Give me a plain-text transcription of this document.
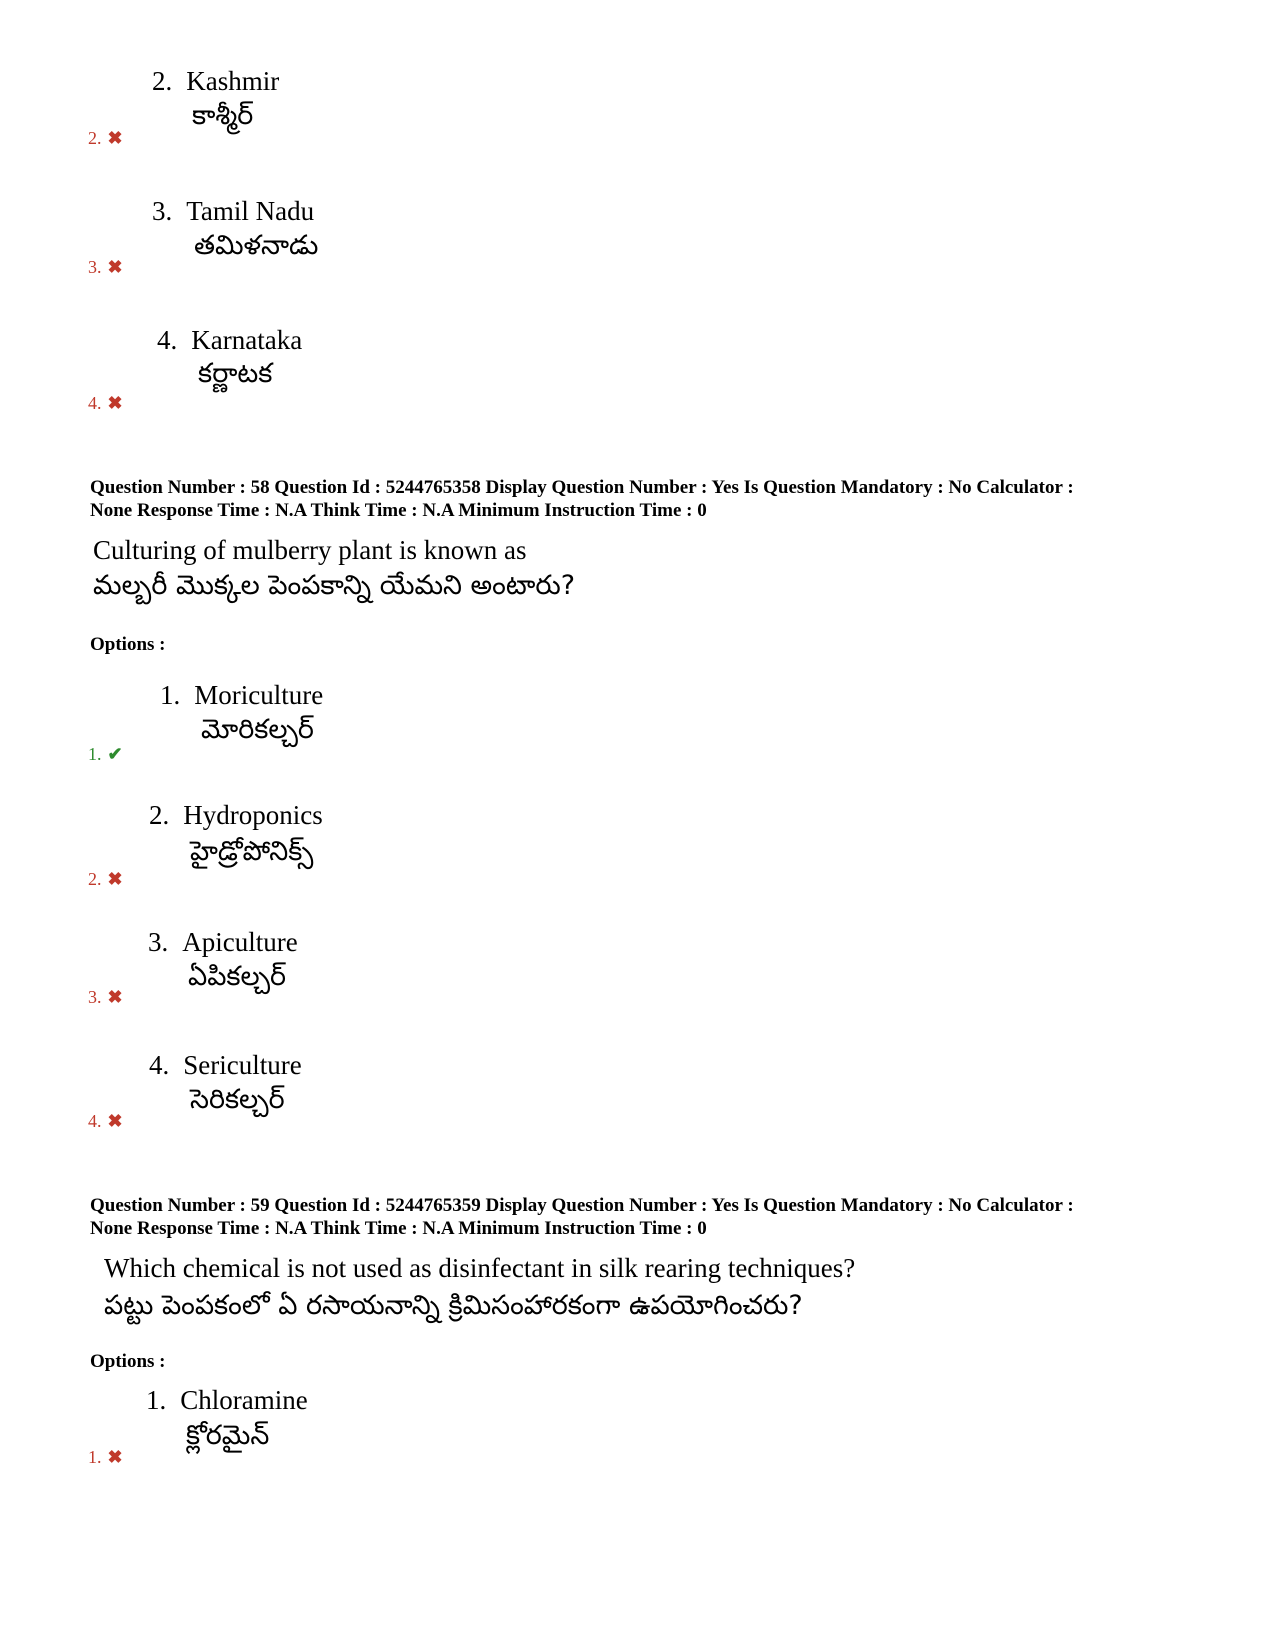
2. Kashmir
కాశ్మీర్
2. ✖
3. Tamil Nadu
తమిళనాడు
3. ✖
4. Karnataka
కర్ణాటక
4. ✖
Question Number : 58 Question Id : 5244765358 Display Question Number : Yes Is Question Mandatory : No Calculator :
None Response Time : N.A Think Time : N.A Minimum Instruction Time : 0
Culturing of mulberry plant is known as
మల్బరీ మొక్కల పెంపకాన్ని యేమని అంటారు?
Options :
1. Moriculture
మోరికల్చర్
1. ✔
2. Hydroponics
హైడ్రోపోనిక్స్
2. ✖
3. Apiculture
ఏపికల్చర్
3. ✖
4. Sericulture
సెరికల్చర్
4. ✖
Question Number : 59 Question Id : 5244765359 Display Question Number : Yes Is Question Mandatory : No Calculator :
None Response Time : N.A Think Time : N.A Minimum Instruction Time : 0
Which chemical is not used as disinfectant in silk rearing techniques?
పట్టు పెంపకంలో ఏ రసాయనాన్ని క్రిమిసంహారకంగా ఉపయోగించరు?
Options :
1. Chloramine
క్లోరమైన్
1. ✖
